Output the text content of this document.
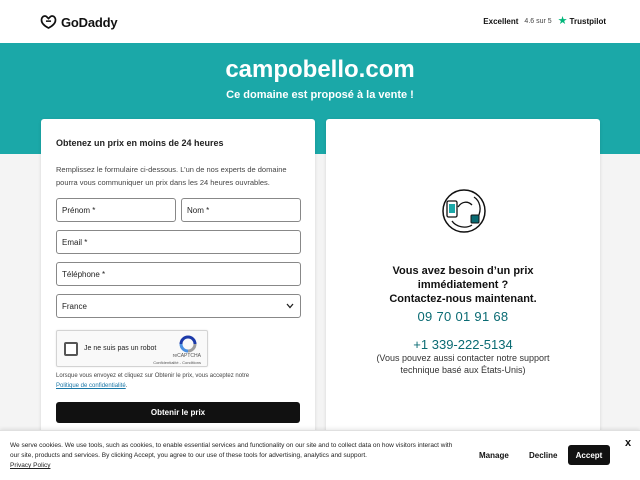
GoDaddy	Excellent 4.6 sur 5 ★ Trustpilot
campobello.com
Ce domaine est proposé à la vente !
Obtenez un prix en moins de 24 heures
Remplissez le formulaire ci-dessous. L’un de nos experts de domaine pourra vous communiquer un prix dans les 24 heures ouvrables.
Prénom *	Nom *
Email *
Téléphone *
France
Je ne suis pas un robot
reCAPTCHA
Confidentialité - Conditions
Lorsque vous envoyez et cliquez sur Obtenir le prix, vous acceptez notre Politique de confidentialité.
Obtenir le prix
Vous avez besoin d’un prix
immédiatement ?
Contactez-nous maintenant.
09 70 01 91 68
+1 339-222-5134
(Vous pouvez aussi contacter notre support technique basé aux États-Unis)
We serve cookies. We use tools, such as cookies, to enable essential services and functionality on our site and to collect data on how visitors interact with our site, products and services. By clicking Accept, you agree to our use of these tools for advertising, analytics and support.
Privacy Policy
Manage	Decline	Accept
x
